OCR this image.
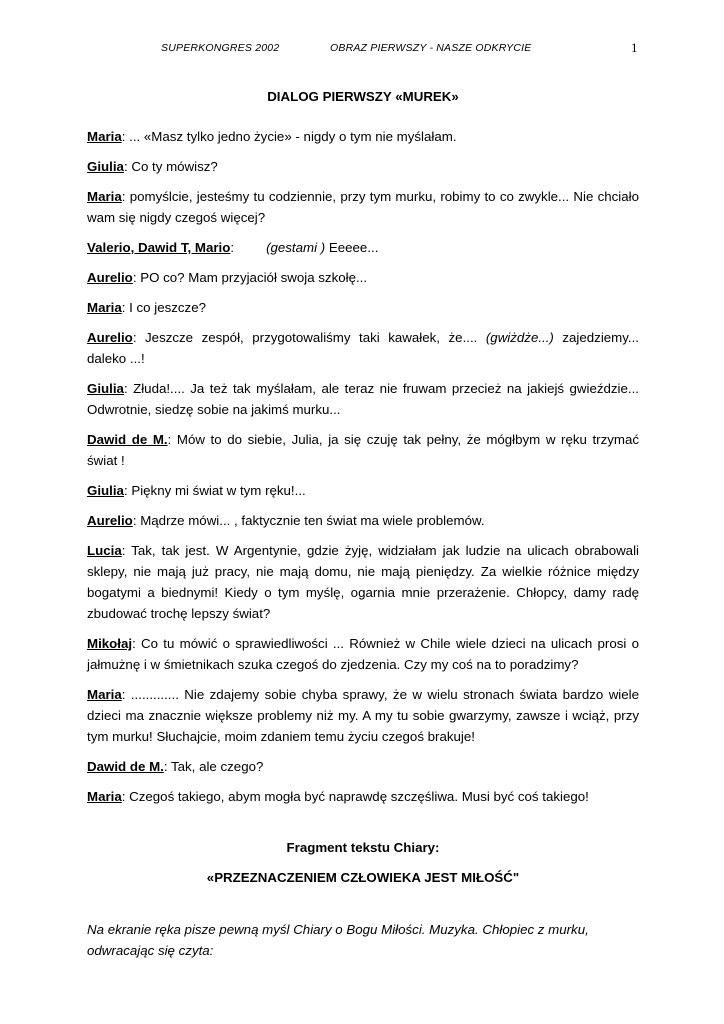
SUPERKONGRES 2002	OBRAZ PIERWSZY - NASZE ODKRYCIE	1

DIALOG PIERWSZY «MUREK»

Maria: ... «Masz tylko jedno życie» - nigdy o tym nie myślałam.

Giulia: Co ty mówisz?

Maria: pomyślcie, jesteśmy tu codziennie, przy tym murku, robimy to co zwykle... Nie chciało wam się nigdy czegoś więcej?

Valerio, Dawid T, Mario: (gestami ) Eeeee...

Aurelio: PO co? Mam przyjaciół swoja szkołę...

Maria: I co jeszcze?

Aurelio: Jeszcze zespół, przygotowaliśmy taki kawałek, że.... (gwiżdże...) zajedziemy... daleko ...!

Giulia: Złuda!.... Ja też tak myślałam, ale teraz nie fruwam przecież na jakiejś gwieździe... Odwrotnie, siedzę sobie na jakimś murku...

Dawid de M.: Mów to do siebie, Julia, ja się czuję tak pełny, że mógłbym w ręku trzymać świat !

Giulia: Piękny mi świat w tym ręku!...

Aurelio: Mądrze mówi... , faktycznie ten świat ma wiele problemów.

Lucia: Tak, tak jest. W Argentynie, gdzie żyję, widziałam jak ludzie na ulicach obrabowali sklepy, nie mają już pracy, nie mają domu, nie mają pieniędzy. Za wielkie różnice między bogatymi a biednymi! Kiedy o tym myślę, ogarnia mnie przerażenie. Chłopcy, damy radę zbudować trochę lepszy świat?

Mikołaj: Co tu mówić o sprawiedliwości ... Również w Chile wiele dzieci na ulicach prosi o jałmużnę i w śmietnikach szuka czegoś do zjedzenia. Czy my coś na to poradzimy?

Maria: ............. Nie zdajemy sobie chyba sprawy, że w wielu stronach świata bardzo wiele dzieci ma znacznie większe problemy niż my. A my tu sobie gwarzymy, zawsze i wciąż, przy tym murku! Słuchajcie, moim zdaniem temu życiu czegoś brakuje!

Dawid de M.: Tak, ale czego?

Maria: Czegoś takiego, abym mogła być naprawdę szczęśliwa. Musi być coś takiego!

Fragment tekstu Chiary:

«PRZEZNACZENIEM CZŁOWIEKA JEST MIŁOŚĆ"

Na ekranie ręka pisze pewną myśl Chiary o Bogu Miłości. Muzyka. Chłopiec z murku, odwracając się czyta:
